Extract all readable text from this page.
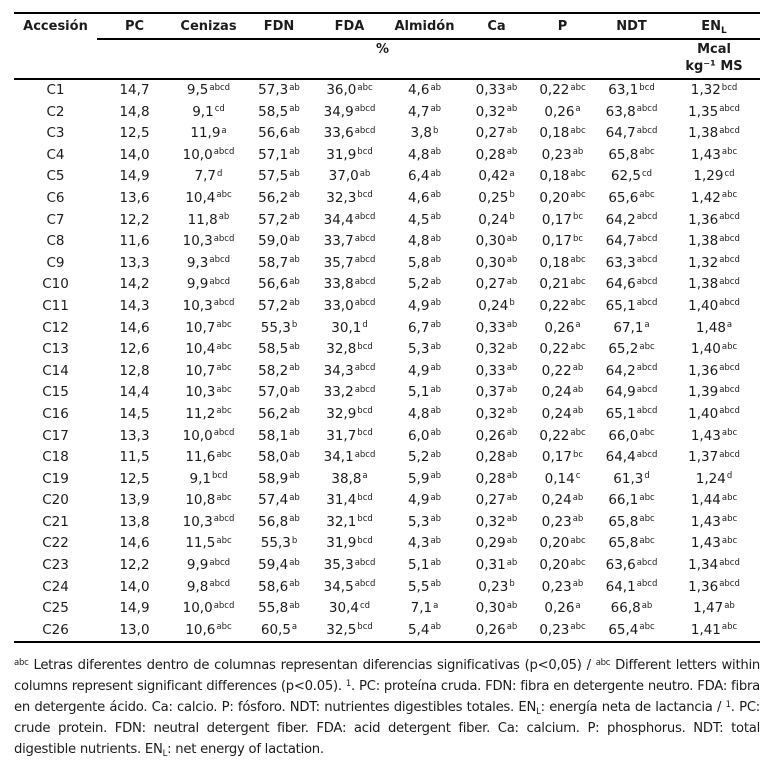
Accesión	PC	Cenizas	FDN	FDA	Almidón	Ca	P	NDT	$EN_L$
	%								Mcal
									kg⁻¹ MS
C1	14,7	$9,5^{abcd}$	57,3$^{ab}$	36,0$^{abc}$	4,6$^{ab}$	0,33$^{ab}$	0,22$^{abc}$	63,1$^{bcd}$	1,32$^{bcd}$
C2	14,8	9,1$^{cd}$	58,5$^{ab}$	$34,9^{abcd}$	4,7$^{ab}$	0,32$^{ab}$	0,26$^a$	$63,8^{abcd}$	$1,35^{abcd}$
C3	12,5	11,9$^a$	56,6$^{ab}$	$33,6^{abcd}$	3,8$^b$	0,27$^{ab}$	0,18$^{abc}$	$64,7^{abcd}$	$1,38^{abcd}$
C4	14,0	$10,0^{abcd}$	57,1$^{ab}$	31,9$^{bcd}$	4,8$^{ab}$	0,28$^{ab}$	0,23$^{ab}$	65,8$^{abc}$	1,43$^{abc}$
C5	14,9	7,7$^d$	57,5$^{ab}$	37,0$^{ab}$	6,4$^{ab}$	0,42$^a$	0,18$^{abc}$	62,5$^{cd}$	1,29$^{cd}$
C6	13,6	10,4$^{abc}$	56,2$^{ab}$	32,3$^{bcd}$	4,6$^{ab}$	0,25$^b$	0,20$^{abc}$	65,6$^{abc}$	1,42$^{abc}$
C7	12,2	11,8$^{ab}$	57,2$^{ab}$	$34,4^{abcd}$	4,5$^{ab}$	0,24$^b$	0,17$^{bc}$	$64,2^{abcd}$	$1,36^{abcd}$
C8	11,6	$10,3^{abcd}$	59,0$^{ab}$	$33,7^{abcd}$	4,8$^{ab}$	0,30$^{ab}$	0,17$^{bc}$	$64,7^{abcd}$	$1,38^{abcd}$
C9	13,3	$9,3^{abcd}$	58,7$^{ab}$	$35,7^{abcd}$	5,8$^{ab}$	0,30$^{ab}$	0,18$^{abc}$	$63,3^{abcd}$	$1,32^{abcd}$
C10	14,2	$9,9^{abcd}$	56,6$^{ab}$	$33,8^{abcd}$	5,2$^{ab}$	0,27$^{ab}$	0,21$^{abc}$	$64,6^{abcd}$	$1,38^{abcd}$
C11	14,3	$10,3^{abcd}$	57,2$^{ab}$	$33,0^{abcd}$	4,9$^{ab}$	0,24$^b$	0,22$^{abc}$	$65,1^{abcd}$	$1,40^{abcd}$
C12	14,6	10,7$^{abc}$	55,3$^b$	30,1$^d$	6,7$^{ab}$	0,33$^{ab}$	0,26$^a$	67,1$^a$	1,48$^a$
C13	12,6	10,4$^{abc}$	58,5$^{ab}$	32,8$^{bcd}$	5,3$^{ab}$	0,32$^{ab}$	0,22$^{abc}$	65,2$^{abc}$	1,40$^{abc}$
C14	12,8	10,7$^{abc}$	58,2$^{ab}$	$34,3^{abcd}$	4,9$^{ab}$	0,33$^{ab}$	0,22$^{ab}$	$64,2^{abcd}$	$1,36^{abcd}$
C15	14,4	10,3$^{abc}$	57,0$^{ab}$	$33,2^{abcd}$	5,1$^{ab}$	0,37$^{ab}$	0,24$^{ab}$	$64,9^{abcd}$	$1,39^{abcd}$
C16	14,5	11,2$^{abc}$	56,2$^{ab}$	32,9$^{bcd}$	4,8$^{ab}$	0,32$^{ab}$	0,24$^{ab}$	$65,1^{abcd}$	$1,40^{abcd}$
C17	13,3	$10,0^{abcd}$	58,1$^{ab}$	31,7$^{bcd}$	6,0$^{ab}$	0,26$^{ab}$	0,22$^{abc}$	66,0$^{abc}$	1,43$^{abc}$
C18	11,5	11,6$^{abc}$	58,0$^{ab}$	$34,1^{abcd}$	5,2$^{ab}$	0,28$^{ab}$	0,17$^{bc}$	$64,4^{abcd}$	$1,37^{abcd}$
C19	12,5	9,1$^{bcd}$	58,9$^{ab}$	38,8$^a$	5,9$^{ab}$	0,28$^{ab}$	0,14$^c$	61,3$^d$	1,24$^d$
C20	13,9	10,8$^{abc}$	57,4$^{ab}$	31,4$^{bcd}$	4,9$^{ab}$	0,27$^{ab}$	0,24$^{ab}$	66,1$^{abc}$	1,44$^{abc}$
C21	13,8	$10,3^{abcd}$	56,8$^{ab}$	32,1$^{bcd}$	5,3$^{ab}$	0,32$^{ab}$	0,23$^{ab}$	65,8$^{abc}$	1,43$^{abc}$
C22	14,6	11,5$^{abc}$	55,3$^b$	31,9$^{bcd}$	4,3$^{ab}$	0,29$^{ab}$	0,20$^{abc}$	65,8$^{abc}$	1,43$^{abc}$
C23	12,2	$9,9^{abcd}$	59,4$^{ab}$	$35,3^{abcd}$	5,1$^{ab}$	0,31$^{ab}$	0,20$^{abc}$	$63,6^{abcd}$	$1,34^{abcd}$
C24	14,0	$9,8^{abcd}$	58,6$^{ab}$	$34,5^{abcd}$	5,5$^{ab}$	0,23$^b$	0,23$^{ab}$	$64,1^{abcd}$	$1,36^{abcd}$
C25	14,9	$10,0^{abcd}$	55,8$^{ab}$	30,4$^{cd}$	7,1$^a$	0,30$^{ab}$	0,26$^a$	66,8$^{ab}$	1,47$^{ab}$
C26	13,0	10,6$^{abc}$	60,5$^a$	32,5$^{bcd}$	5,4$^{ab}$	0,26$^{ab}$	0,23$^{abc}$	65,4$^{abc}$	1,41$^{abc}$

$^{abc}$ Letras diferentes dentro de columnas representan diferencias significativas (p<0,05) / $^{abc}$ Different letters within columns represent significant differences (p<0.05). $^1$. PC: proteína cruda. FDN: fibra en detergente neutro. FDA: fibra en detergente ácido. Ca: calcio. P: fósforo. NDT: nutrientes digestibles totales. $EN_L$: energía neta de lactancia / $^1$. PC: crude protein. FDN: neutral detergent fiber. FDA: acid detergent fiber. Ca: calcium. P: phosphorus. NDT: total digestible nutrients. $EN_L$: net energy of lactation.
